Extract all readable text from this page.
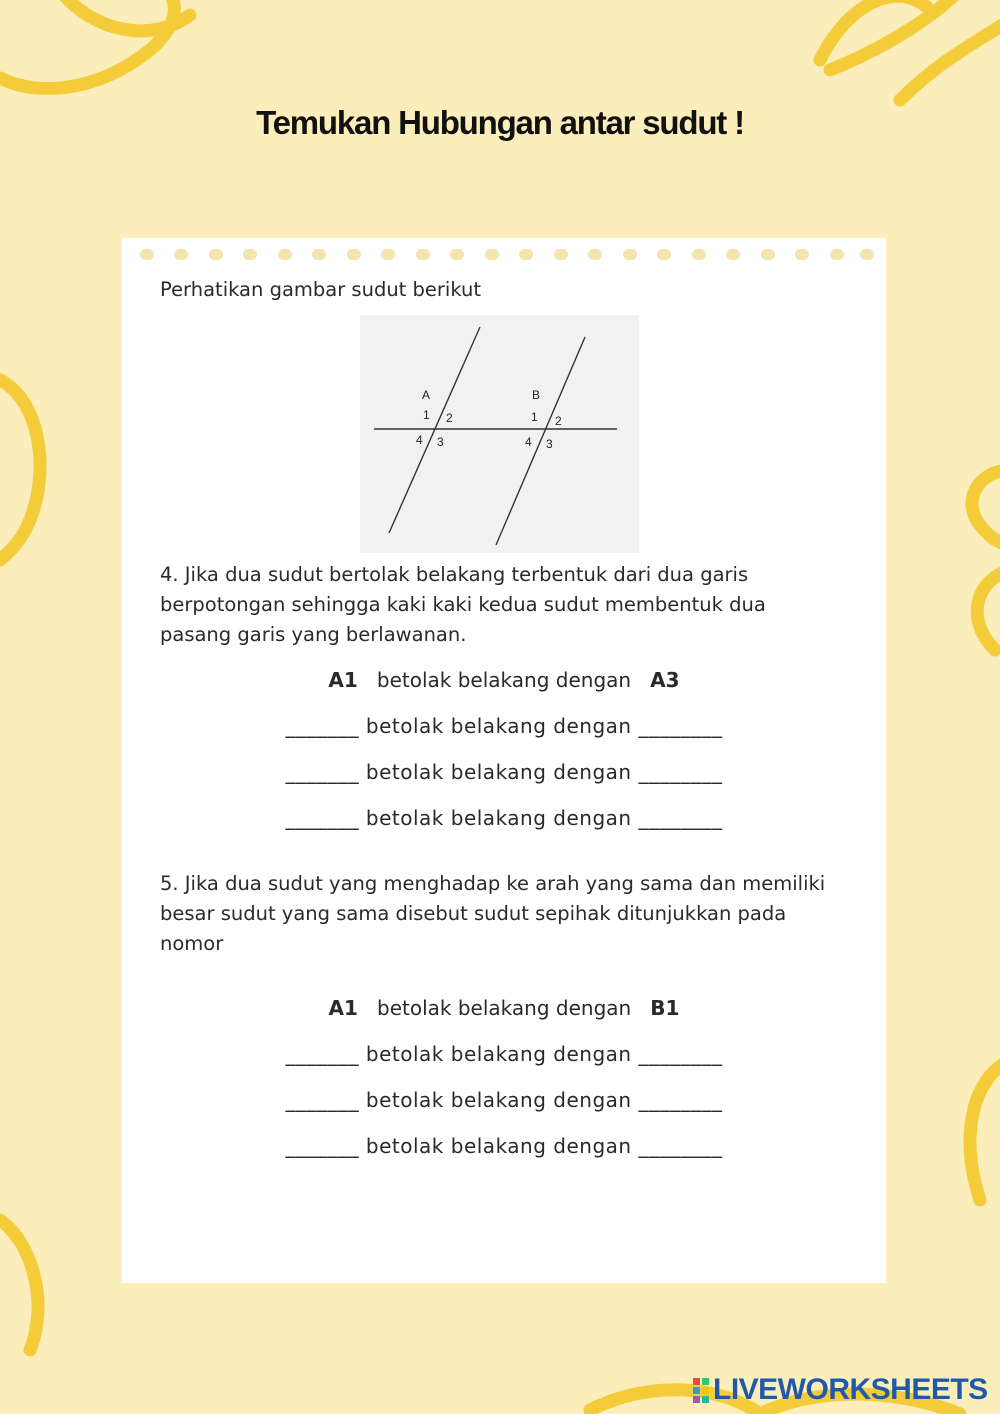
Temukan Hubungan antar sudut !

Perhatikan gambar sudut berikut

A	B
1 2
3
4
1 2
3
4

4. Jika dua sudut bertolak belakang terbentuk dari dua garis berpotongan sehingga kaki kaki kedua sudut membentuk dua pasang garis yang berlawanan.

A1 betolak belakang dengan A3
_______ betolak belakang dengan ________
_______ betolak belakang dengan ________
_______ betolak belakang dengan ________

5. Jika dua sudut yang menghadap ke arah yang sama dan memiliki besar sudut yang sama disebut sudut sepihak ditunjukkan pada nomor

A1 betolak belakang dengan B1
_______ betolak belakang dengan ________
_______ betolak belakang dengan ________
_______ betolak belakang dengan ________
LIVEWORKSHEETS
